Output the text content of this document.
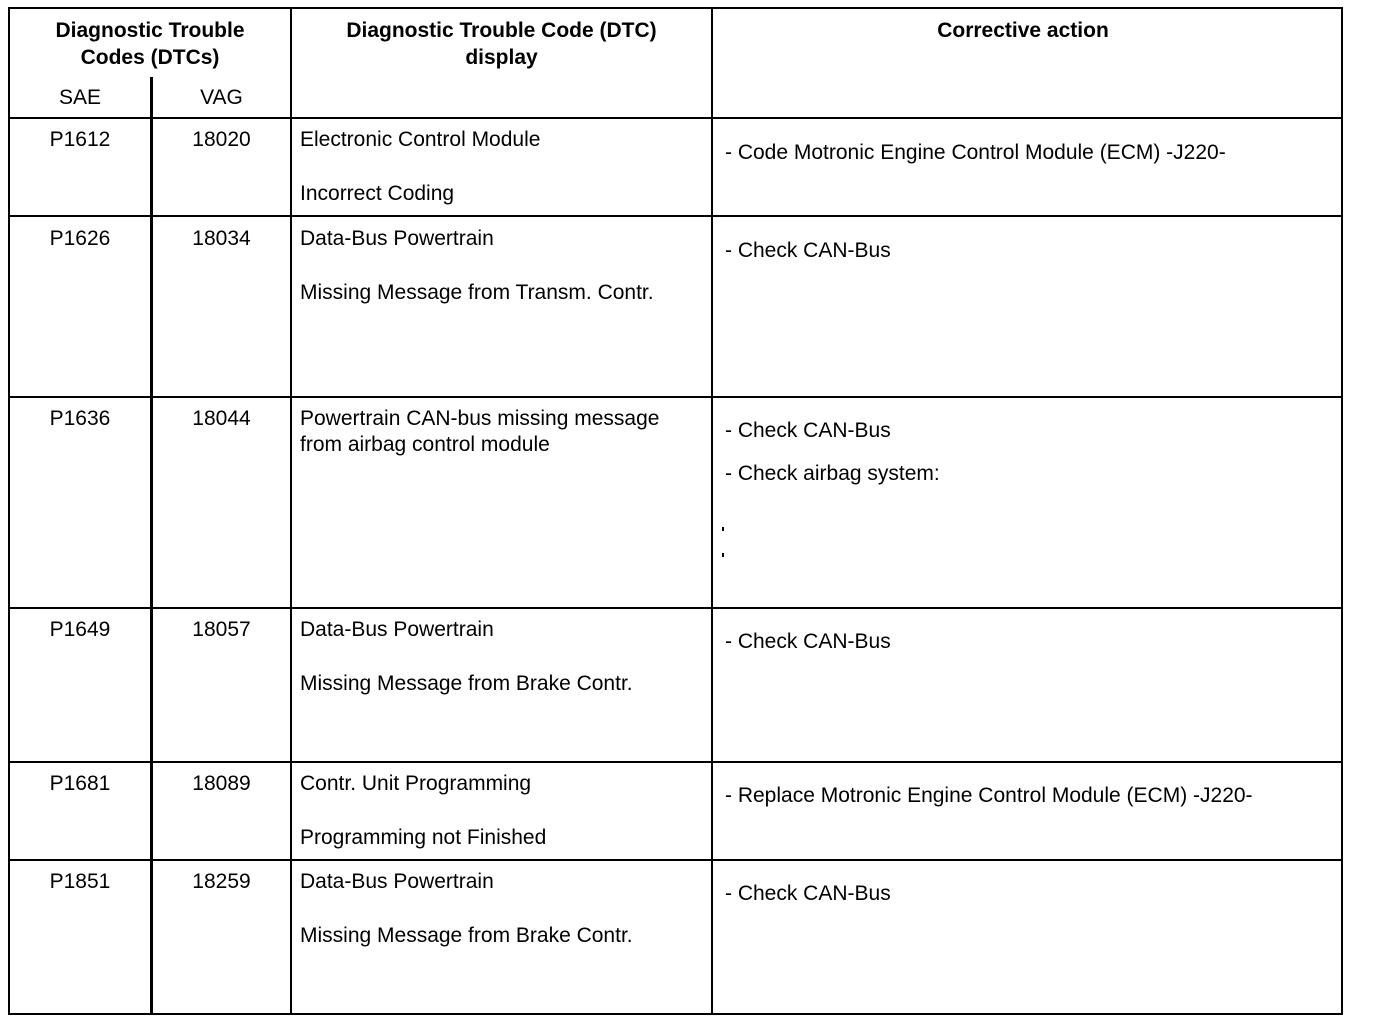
Diagnostic Trouble
Codes (DTCs)
SAE	VAG
Diagnostic Trouble Code (DTC)
display
Corrective action
P1612	18020	Electronic Control Module
Incorrect Coding
- Code Motronic Engine Control Module (ECM) -J220-
P1626	18034	Data-Bus Powertrain
Missing Message from Transm. Contr.
- Check CAN-Bus
P1636	18044	Powertrain CAN-bus missing message from airbag control module
- Check CAN-Bus
- Check airbag system:
P1649	18057	Data-Bus Powertrain
Missing Message from Brake Contr.
- Check CAN-Bus
P1681	18089	Contr. Unit Programming
Programming not Finished
- Replace Motronic Engine Control Module (ECM) -J220-
P1851	18259	Data-Bus Powertrain
Missing Message from Brake Contr.
- Check CAN-Bus
